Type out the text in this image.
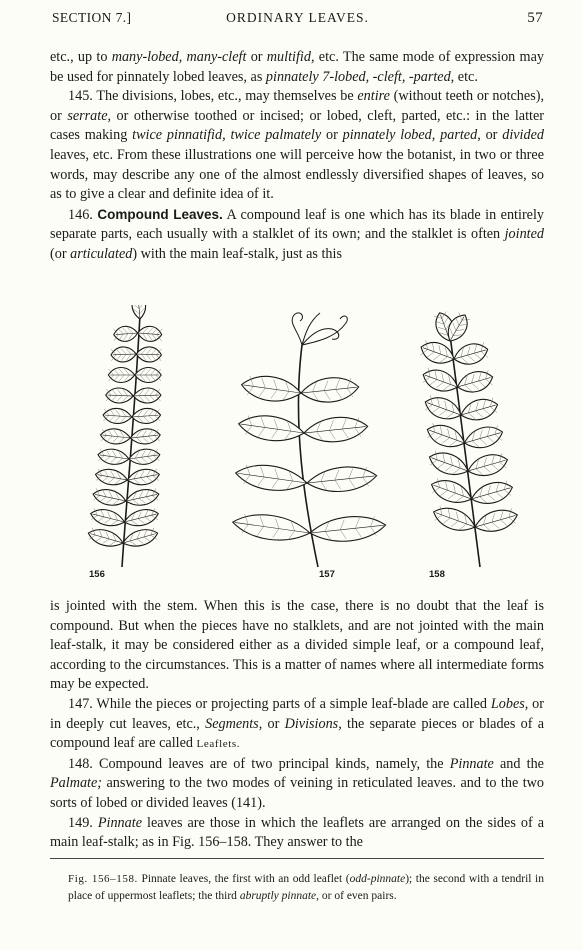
SECTION 7.]	ORDINARY LEAVES.	57

etc., up to many-lobed, many-cleft or multifid, etc. The same mode of expression may be used for pinnately lobed leaves, as pinnately 7-lobed, -cleft, -parted, etc.

145. The divisions, lobes, etc., may themselves be entire (without teeth or notches), or serrate, or otherwise toothed or incised; or lobed, cleft, parted, etc.: in the latter cases making twice pinnatifid, twice palmately or pinnately lobed, parted, or divided leaves, etc. From these illustrations one will perceive how the botanist, in two or three words, may describe any one of the almost endlessly diversified shapes of leaves, so as to give a clear and definite idea of it.

146. Compound Leaves. A compound leaf is one which has its blade in entirely separate parts, each usually with a stalklet of its own; and the stalklet is often jointed (or articulated) with the main leaf-stalk, just as this

156	157	158

is jointed with the stem. When this is the case, there is no doubt that the leaf is compound. But when the pieces have no stalklets, and are not jointed with the main leaf-stalk, it may be considered either as a divided simple leaf, or a compound leaf, according to the circumstances. This is a matter of names where all intermediate forms may be expected.

147. While the pieces or projecting parts of a simple leaf-blade are called Lobes, or in deeply cut leaves, etc., Segments, or Divisions, the separate pieces or blades of a compound leaf are called Leaflets.

148. Compound leaves are of two principal kinds, namely, the Pinnate and the Palmate; answering to the two modes of veining in reticulated leaves. and to the two sorts of lobed or divided leaves (141).

149. Pinnate leaves are those in which the leaflets are arranged on the sides of a main leaf-stalk; as in Fig. 156–158. They answer to the

Fig. 156–158. Pinnate leaves, the first with an odd leaflet (odd-pinnate); the second with a tendril in place of uppermost leaflets; the third abruptly pinnate, or of even pairs.
